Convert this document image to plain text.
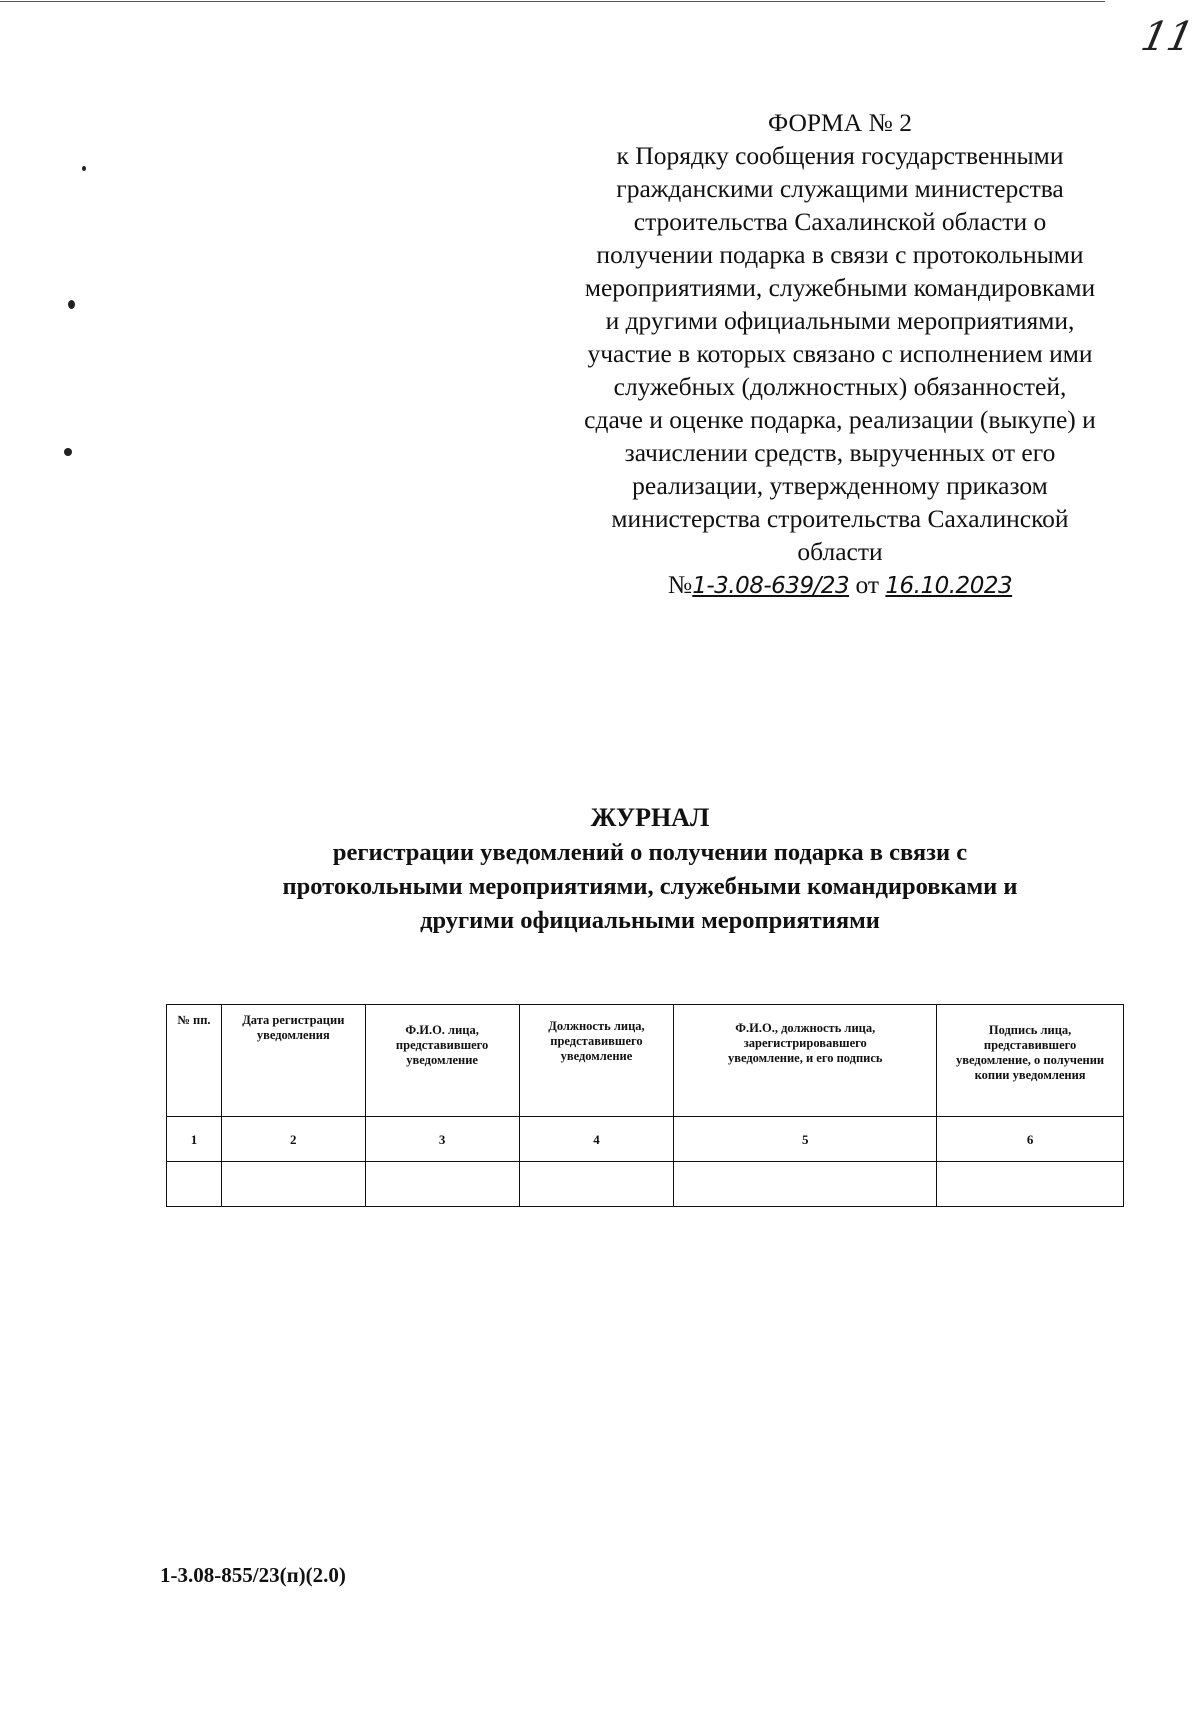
11
ФОРМА № 2
к Порядку сообщения государственными
гражданскими служащими министерства
строительства Сахалинской области о
получении подарка в связи с протокольными
мероприятиями, служебными командировками
и другими официальными мероприятиями,
участие в которых связано с исполнением ими
служебных (должностных) обязанностей,
сдаче и оценке подарка, реализации (выкупе) и
зачислении средств, вырученных от его
реализации, утвержденному приказом
министерства строительства Сахалинской
области
№1-3.08-639/23 от 16.10.2023
ЖУРНАЛ
регистрации уведомлений о получении подарка в связи с
протокольными мероприятиями, служебными командировками и
другими официальными мероприятиями
№ пп.	Дата регистрации уведомления	Ф.И.О. лица, представившего уведомление	Должность лица, представившего уведомление	Ф.И.О., должность лица, зарегистрировавшего уведомление, и его подпись	Подпись лица, представившего уведомление, о получении копии уведомления

1	2	3	4	5	6

1-3.08-855/23(п)(2.0)
